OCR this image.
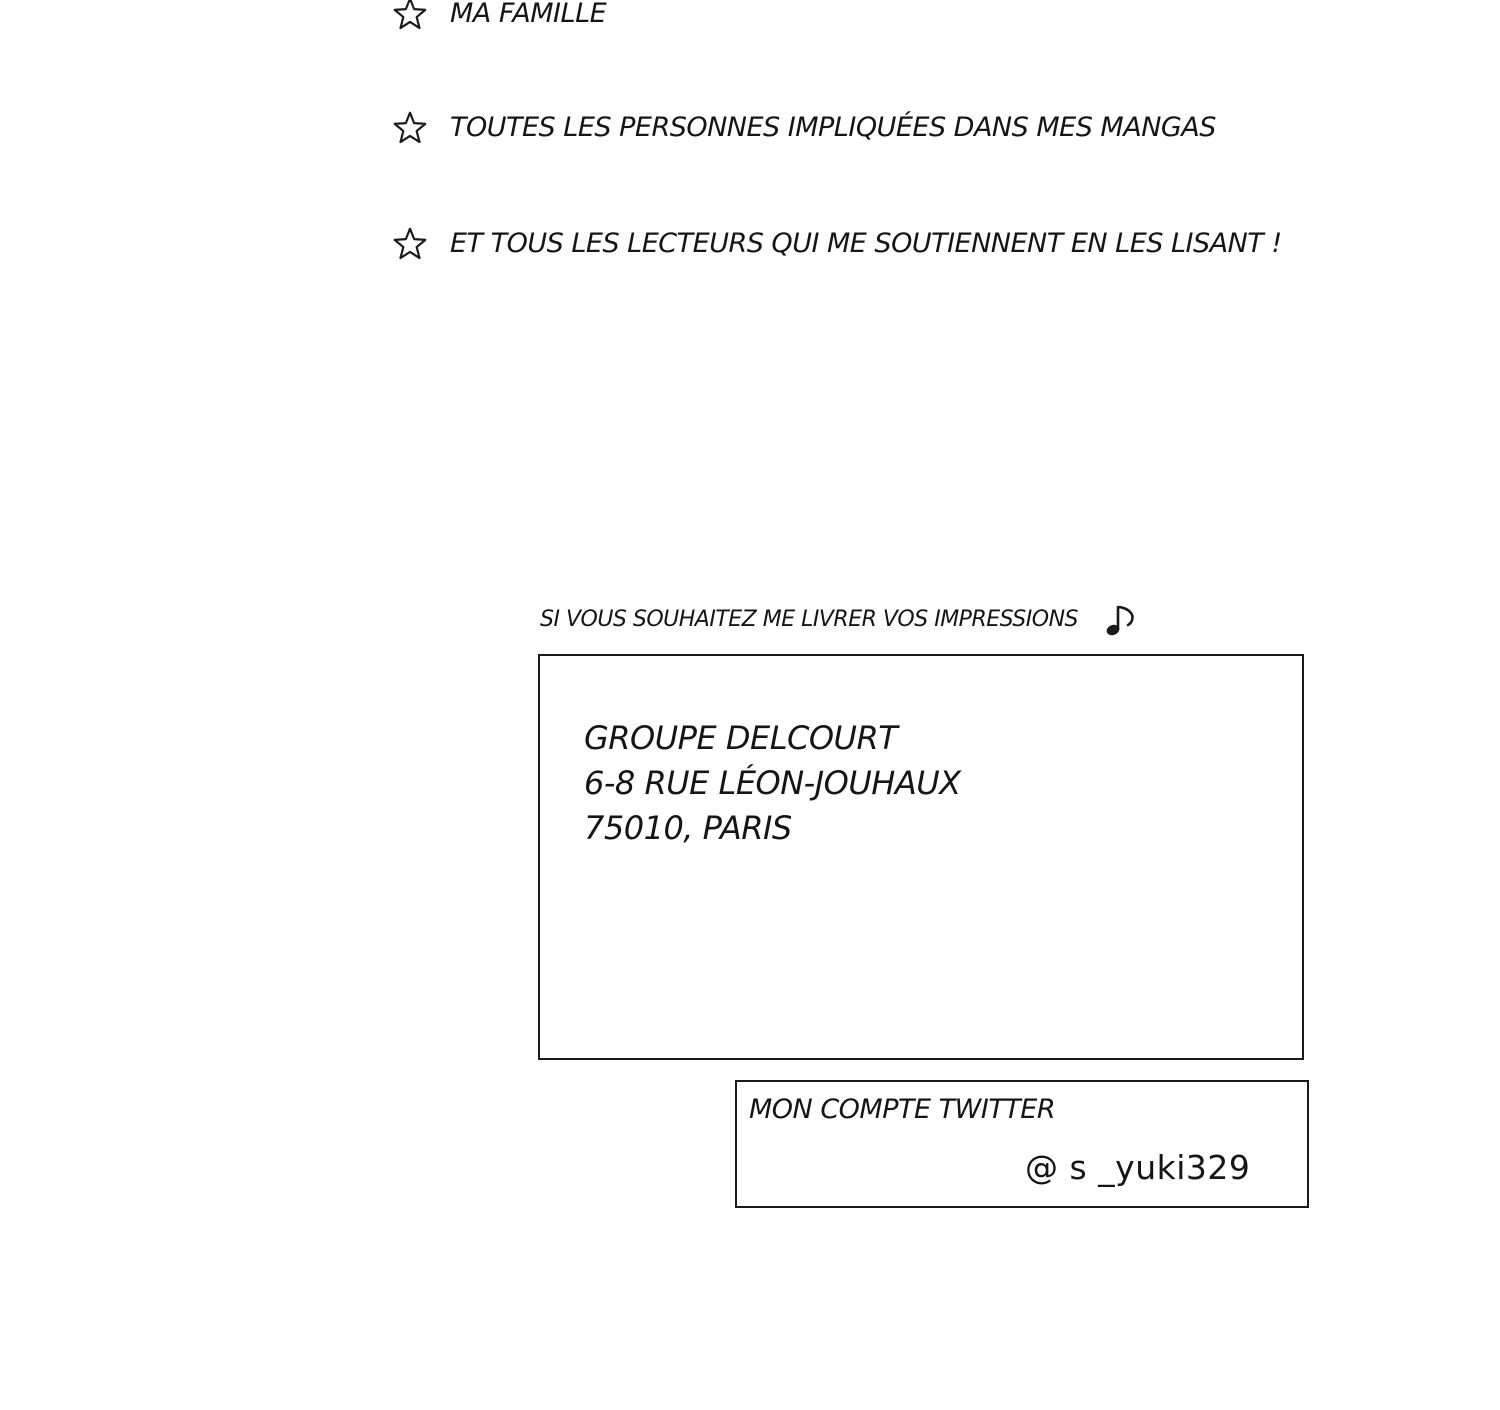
MA FAMILLE
TOUTES LES PERSONNES IMPLIQUÉES DANS MES MANGAS
ET TOUS LES LECTEURS QUI ME SOUTIENNENT EN LES LISANT !
SI VOUS SOUHAITEZ ME LIVRER VOS IMPRESSIONS
GROUPE DELCOURT
6-8 RUE LÉON-JOUHAUX
75010, PARIS
MON COMPTE TWITTER
@ s _yuki329
